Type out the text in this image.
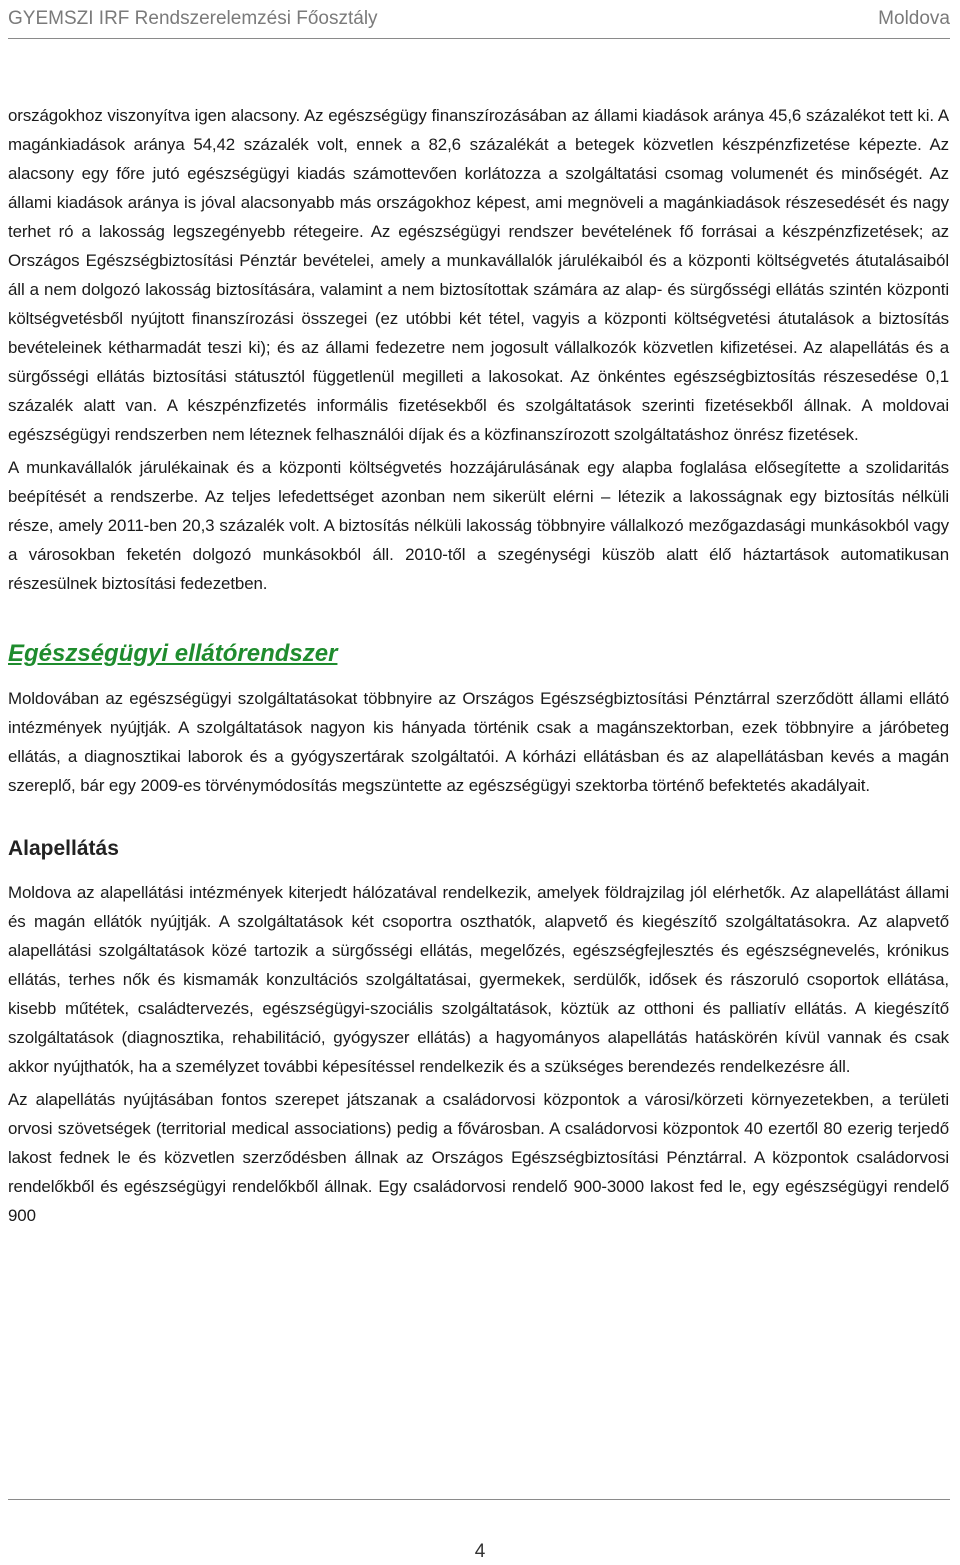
GYEMSZI IRF Rendszerelemzési Főosztály	Moldova

országokhoz viszonyítva igen alacsony. Az egészségügy finanszírozásában az állami kiadások aránya 45,6 százalékot tett ki. A magánkiadások aránya 54,42 százalék volt, ennek a 82,6 százalékát a betegek közvetlen készpénzfizetése képezte. Az alacsony egy főre jutó egészségügyi kiadás számottevően korlátozza a szolgáltatási csomag volumenét és minőségét. Az állami kiadások aránya is jóval alacsonyabb más országokhoz képest, ami megnöveli a magánkiadások részesedését és nagy terhet ró a lakosság legszegényebb rétegeire. Az egészségügyi rendszer bevételének fő forrásai a készpénzfizetések; az Országos Egészségbiztosítási Pénztár bevételei, amely a munkavállalók járulékaiból és a központi költségvetés átutalásaiból áll a nem dolgozó lakosság biztosítására, valamint a nem biztosítottak számára az alap- és sürgősségi ellátás szintén központi költségvetésből nyújtott finanszírozási összegei (ez utóbbi két tétel, vagyis a központi költségvetési átutalások a biztosítás bevételeinek kétharmadát teszi ki); és az állami fedezetre nem jogosult vállalkozók közvetlen kifizetései. Az alapellátás és a sürgősségi ellátás biztosítási státusztól függetlenül megilleti a lakosokat. Az önkéntes egészségbiztosítás részesedése 0,1 százalék alatt van. A készpénzfizetés informális fizetésekből és szolgáltatások szerinti fizetésekből állnak. A moldovai egészségügyi rendszerben nem léteznek felhasználói díjak és a közfinanszírozott szolgáltatáshoz önrész fizetések.

A munkavállalók járulékainak és a központi költségvetés hozzájárulásának egy alapba foglalása elősegítette a szolidaritás beépítését a rendszerbe. Az teljes lefedettséget azonban nem sikerült elérni – létezik a lakosságnak egy biztosítás nélküli része, amely 2011-ben 20,3 százalék volt. A biztosítás nélküli lakosság többnyire vállalkozó mezőgazdasági munkásokból vagy a városokban feketén dolgozó munkásokból áll. 2010-től a szegénységi küszöb alatt élő háztartások automatikusan részesülnek biztosítási fedezetben.

Egészségügyi ellátórendszer

Moldovában az egészségügyi szolgáltatásokat többnyire az Országos Egészségbiztosítási Pénztárral szerződött állami ellátó intézmények nyújtják. A szolgáltatások nagyon kis hányada történik csak a magánszektorban, ezek többnyire a járóbeteg ellátás, a diagnosztikai laborok és a gyógyszertárak szolgáltatói. A kórházi ellátásban és az alapellátásban kevés a magán szereplő, bár egy 2009-es törvénymódosítás megszüntette az egészségügyi szektorba történő befektetés akadályait.

Alapellátás

Moldova az alapellátási intézmények kiterjedt hálózatával rendelkezik, amelyek földrajzilag jól elérhetők. Az alapellátást állami és magán ellátók nyújtják. A szolgáltatások két csoportra oszthatók, alapvető és kiegészítő szolgáltatásokra. Az alapvető alapellátási szolgáltatások közé tartozik a sürgősségi ellátás, megelőzés, egészségfejlesztés és egészségnevelés, krónikus ellátás, terhes nők és kismamák konzultációs szolgáltatásai, gyermekek, serdülők, idősek és rászoruló csoportok ellátása, kisebb műtétek, családtervezés, egészségügyi-szociális szolgáltatások, köztük az otthoni és palliatív ellátás. A kiegészítő szolgáltatások (diagnosztika, rehabilitáció, gyógyszer ellátás) a hagyományos alapellátás hatáskörén kívül vannak és csak akkor nyújthatók, ha a személyzet további képesítéssel rendelkezik és a szükséges berendezés rendelkezésre áll.

Az alapellátás nyújtásában fontos szerepet játszanak a családorvosi központok a városi/körzeti környezetekben, a területi orvosi szövetségek (territorial medical associations) pedig a fővárosban. A családorvosi központok 40 ezertől 80 ezerig terjedő lakost fednek le és közvetlen szerződésben állnak az Országos Egészségbiztosítási Pénztárral. A központok családorvosi rendelőkből és egészségügyi rendelőkből állnak. Egy családorvosi rendelő 900-3000 lakost fed le, egy egészségügyi rendelő 900

4
